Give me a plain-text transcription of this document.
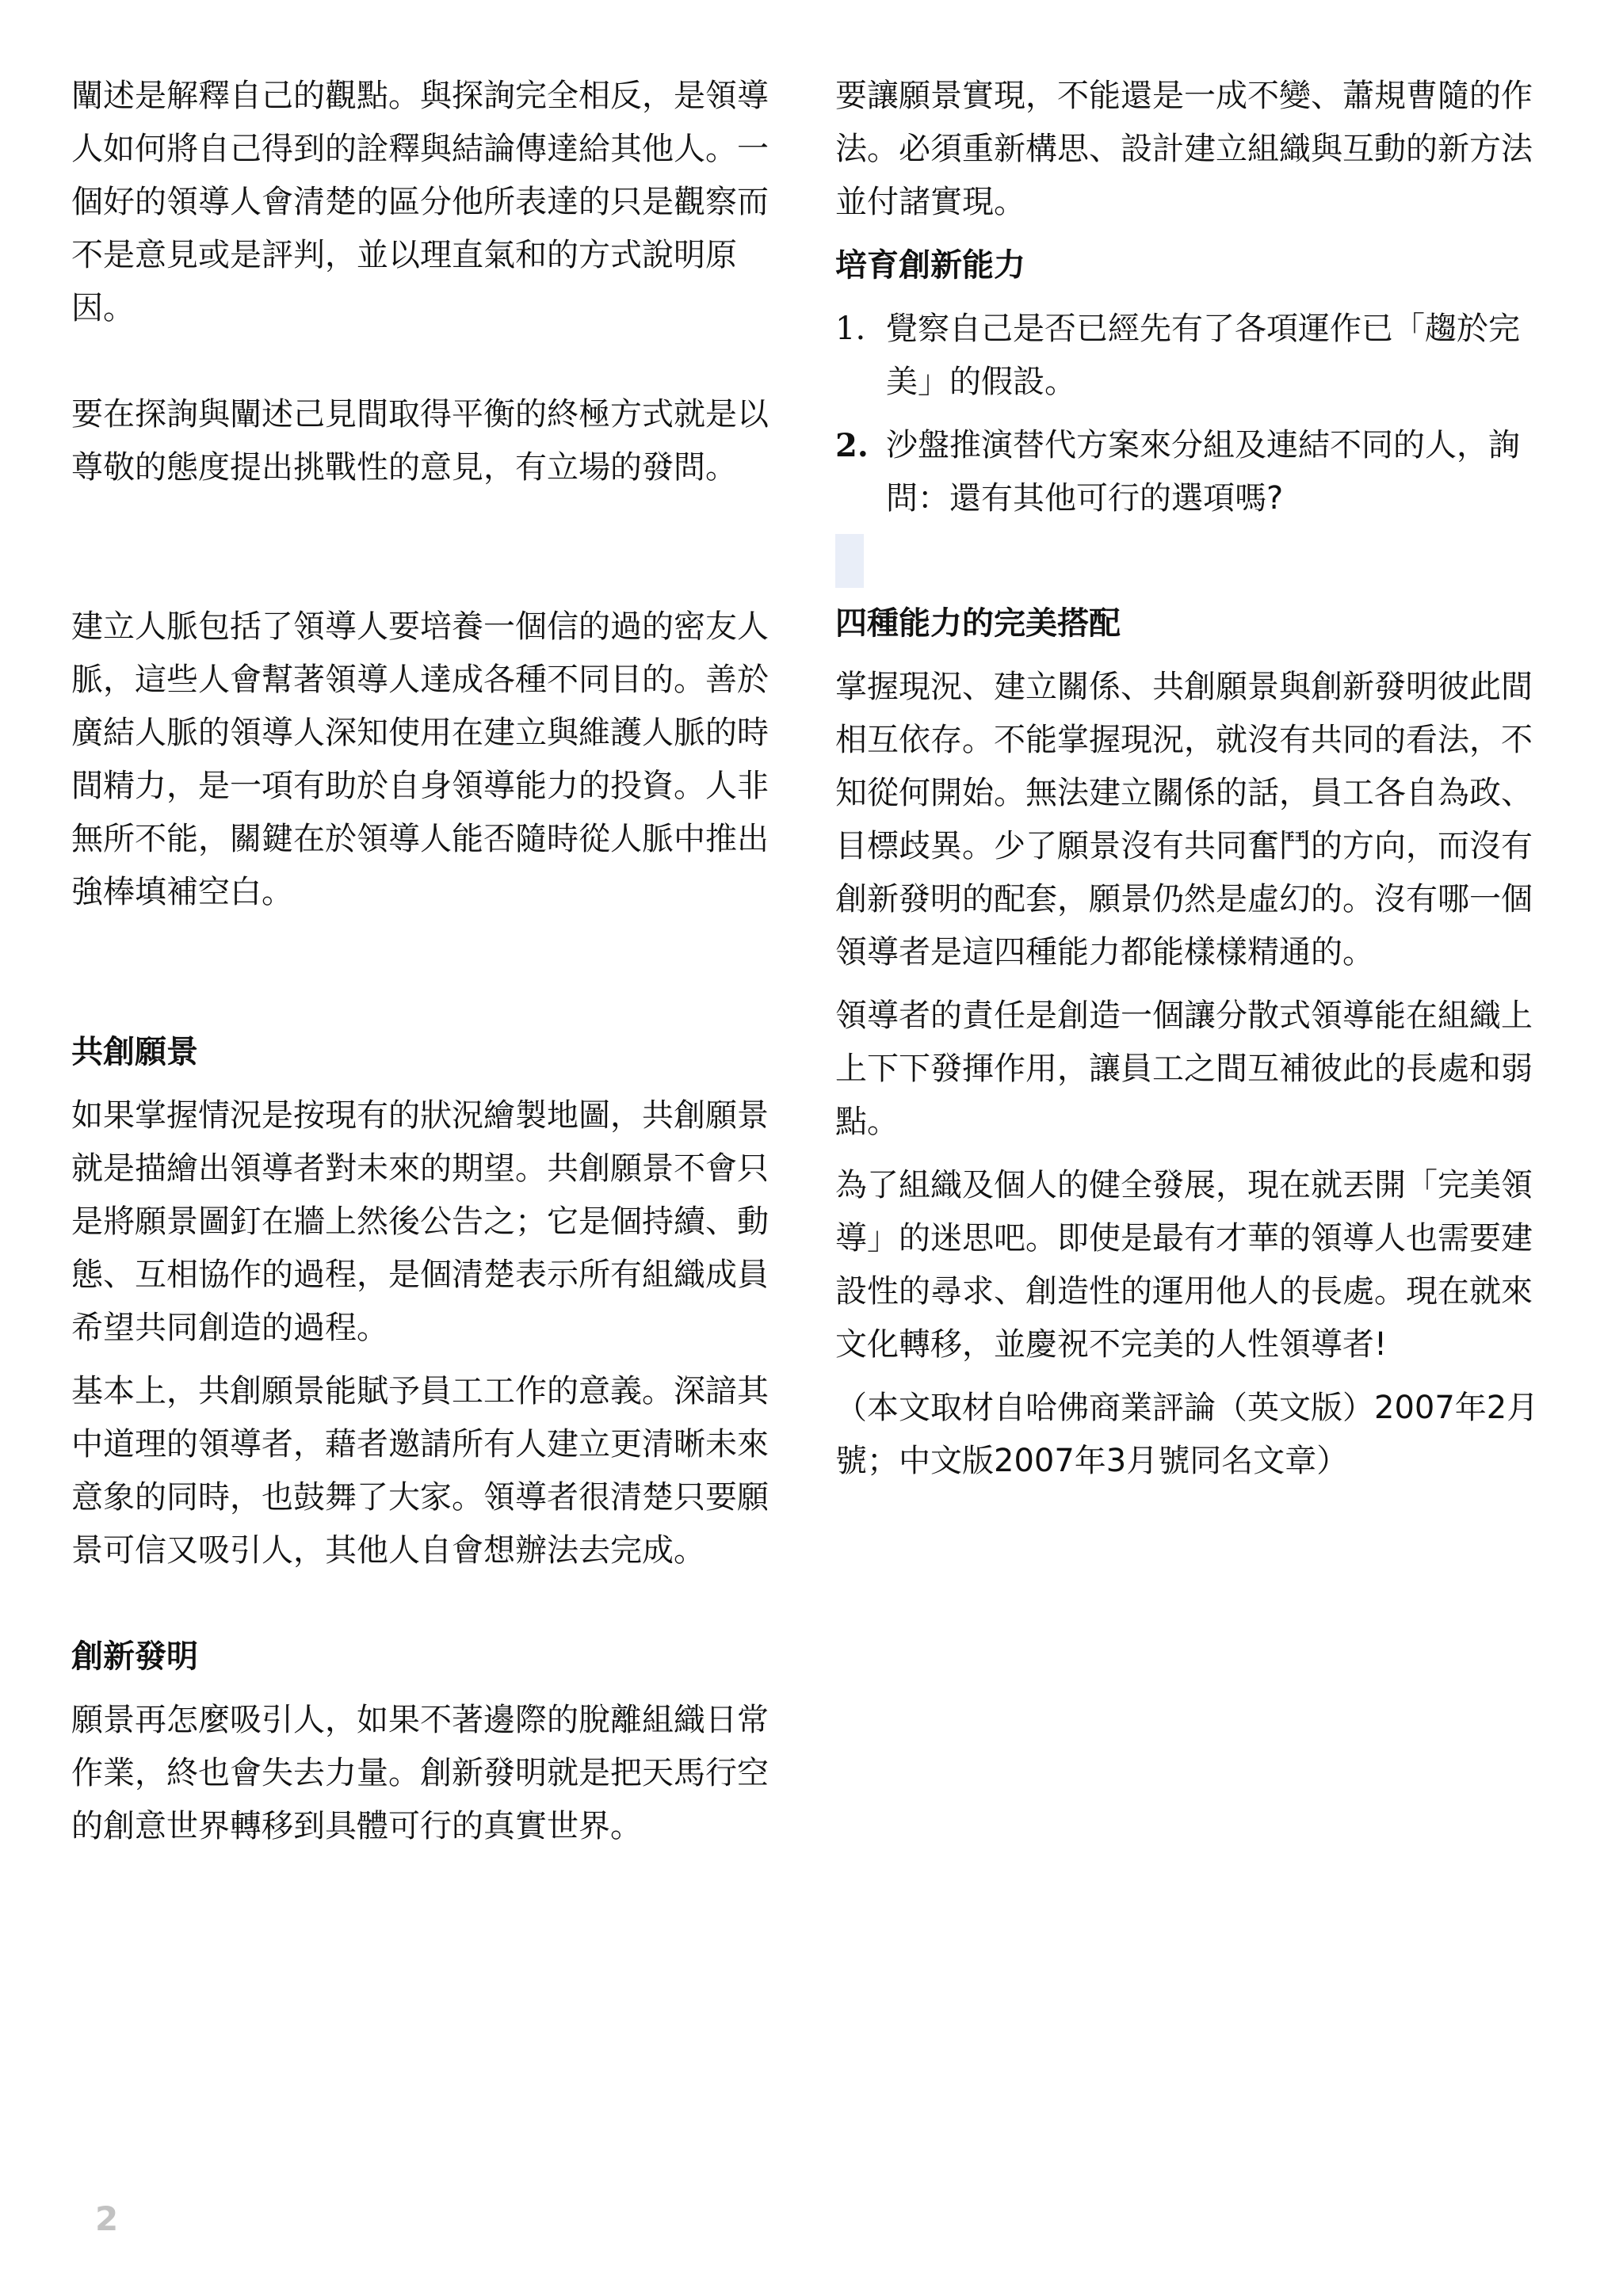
闡述是解釋自己的觀點。與探詢完全相反，是領導人如何將自己得到的詮釋與結論傳達給其他人。一個好的領導人會清楚的區分他所表達的只是觀察而不是意見或是評判，並以理直氣和的方式說明原因。

要在探詢與闡述己見間取得平衡的終極方式就是以尊敬的態度提出挑戰性的意見，有立場的發問。

建立人脈包括了領導人要培養一個信的過的密友人脈，這些人會幫著領導人達成各種不同目的。善於廣結人脈的領導人深知使用在建立與維護人脈的時間精力，是一項有助於自身領導能力的投資。人非無所不能，關鍵在於領導人能否隨時從人脈中推出強棒填補空白。

共創願景

如果掌握情況是按現有的狀況繪製地圖，共創願景就是描繪出領導者對未來的期望。共創願景不會只是將願景圖釘在牆上然後公告之；它是個持續、動態、互相協作的過程，是個清楚表示所有組織成員希望共同創造的過程。

基本上，共創願景能賦予員工工作的意義。深諳其中道理的領導者，藉者邀請所有人建立更清晰未來意象的同時，也鼓舞了大家。領導者很清楚只要願景可信又吸引人，其他人自會想辦法去完成。

創新發明

願景再怎麼吸引人，如果不著邊際的脫離組織日常作業，終也會失去力量。創新發明就是把天馬行空的創意世界轉移到具體可行的真實世界。

要讓願景實現，不能還是一成不變、蕭規曹隨的作法。必須重新構思、設計建立組織與互動的新方法並付諸實現。

培育創新能力
1. 覺察自己是否已經先有了各項運作已「趨於完美」的假設。
2. 沙盤推演替代方案來分組及連結不同的人，詢問：還有其他可行的選項嗎?
四種能力的完美搭配

掌握現況、建立關係、共創願景與創新發明彼此間相互依存。不能掌握現況，就沒有共同的看法，不知從何開始。無法建立關係的話，員工各自為政、目標歧異。少了願景沒有共同奮鬥的方向，而沒有創新發明的配套，願景仍然是虛幻的。沒有哪一個領導者是這四種能力都能樣樣精通的。

領導者的責任是創造一個讓分散式領導能在組織上上下下發揮作用，讓員工之間互補彼此的長處和弱點。

為了組織及個人的健全發展，現在就丟開「完美領導」的迷思吧。即使是最有才華的領導人也需要建設性的尋求、創造性的運用他人的長處。現在就來文化轉移，並慶祝不完美的人性領導者!

（本文取材自哈佛商業評論（英文版）2007年2月號；中文版2007年3月號同名文章）

2
